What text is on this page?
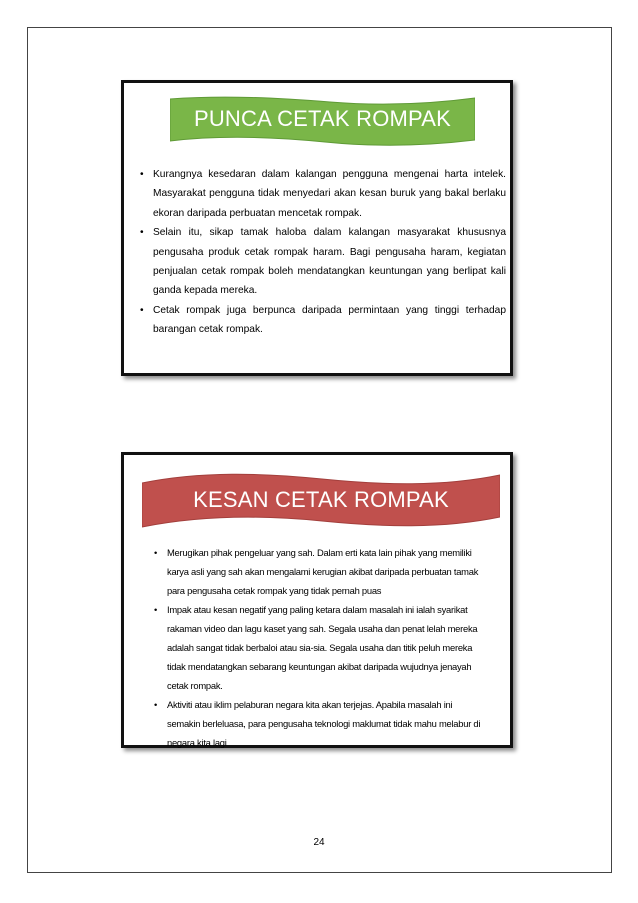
PUNCA CETAK ROMPAK
• Kurangnya kesedaran dalam kalangan pengguna mengenai harta intelek. Masyarakat pengguna tidak menyedari akan kesan buruk yang bakal berlaku ekoran daripada perbuatan mencetak rompak.
• Selain itu, sikap tamak haloba dalam kalangan masyarakat khususnya pengusaha produk cetak rompak haram. Bagi pengusaha haram, kegiatan penjualan cetak rompak boleh mendatangkan keuntungan yang berlipat kali ganda kepada mereka.
• Cetak rompak juga berpunca daripada permintaan yang tinggi terhadap barangan cetak rompak.
KESAN CETAK ROMPAK
• Merugikan pihak pengeluar yang sah. Dalam erti kata lain pihak yang memiliki karya asli yang sah akan mengalami kerugian akibat daripada perbuatan tamak para pengusaha cetak rompak yang tidak pernah puas
• Impak atau kesan negatif yang paling ketara dalam masalah ini ialah syarikat rakaman video dan lagu kaset yang sah. Segala usaha dan penat lelah mereka adalah sangat tidak berbaloi atau sia-sia. Segala usaha dan titik peluh mereka tidak mendatangkan sebarang keuntungan akibat daripada wujudnya jenayah cetak rompak.
• Aktiviti atau iklim pelaburan negara kita akan terjejas. Apabila masalah ini semakin berleluasa, para pengusaha teknologi maklumat tidak mahu melabur di negara kita lagi
24
